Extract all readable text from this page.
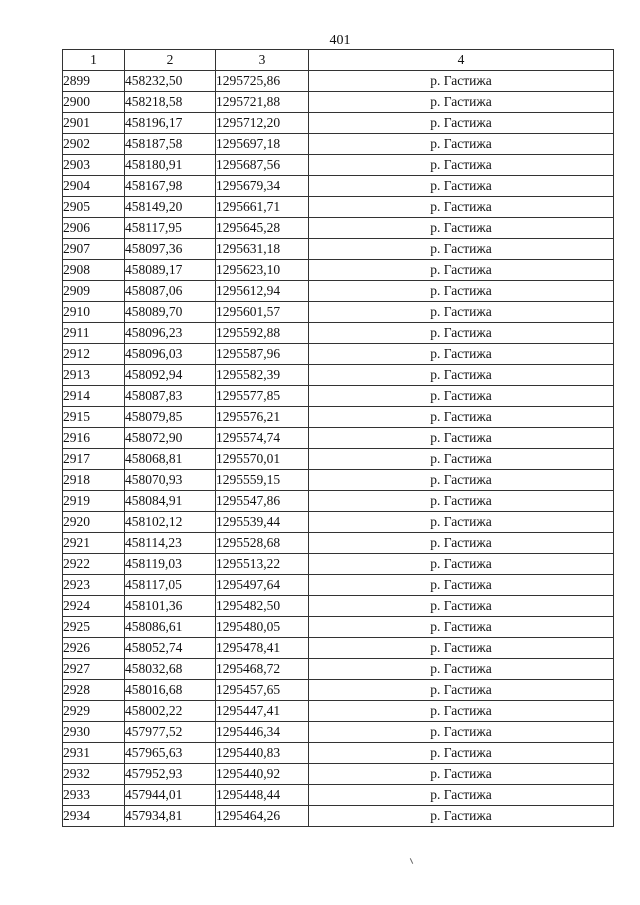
401
1	2	3	4
2899	458232,50	1295725,86	р. Гастижа
2900	458218,58	1295721,88	р. Гастижа
2901	458196,17	1295712,20	р. Гастижа
2902	458187,58	1295697,18	р. Гастижа
2903	458180,91	1295687,56	р. Гастижа
2904	458167,98	1295679,34	р. Гастижа
2905	458149,20	1295661,71	р. Гастижа
2906	458117,95	1295645,28	р. Гастижа
2907	458097,36	1295631,18	р. Гастижа
2908	458089,17	1295623,10	р. Гастижа
2909	458087,06	1295612,94	р. Гастижа
2910	458089,70	1295601,57	р. Гастижа
2911	458096,23	1295592,88	р. Гастижа
2912	458096,03	1295587,96	р. Гастижа
2913	458092,94	1295582,39	р. Гастижа
2914	458087,83	1295577,85	р. Гастижа
2915	458079,85	1295576,21	р. Гастижа
2916	458072,90	1295574,74	р. Гастижа
2917	458068,81	1295570,01	р. Гастижа
2918	458070,93	1295559,15	р. Гастижа
2919	458084,91	1295547,86	р. Гастижа
2920	458102,12	1295539,44	р. Гастижа
2921	458114,23	1295528,68	р. Гастижа
2922	458119,03	1295513,22	р. Гастижа
2923	458117,05	1295497,64	р. Гастижа
2924	458101,36	1295482,50	р. Гастижа
2925	458086,61	1295480,05	р. Гастижа
2926	458052,74	1295478,41	р. Гастижа
2927	458032,68	1295468,72	р. Гастижа
2928	458016,68	1295457,65	р. Гастижа
2929	458002,22	1295447,41	р. Гастижа
2930	457977,52	1295446,34	р. Гастижа
2931	457965,63	1295440,83	р. Гастижа
2932	457952,93	1295440,92	р. Гастижа
2933	457944,01	1295448,44	р. Гастижа
2934	457934,81	1295464,26	р. Гастижа
